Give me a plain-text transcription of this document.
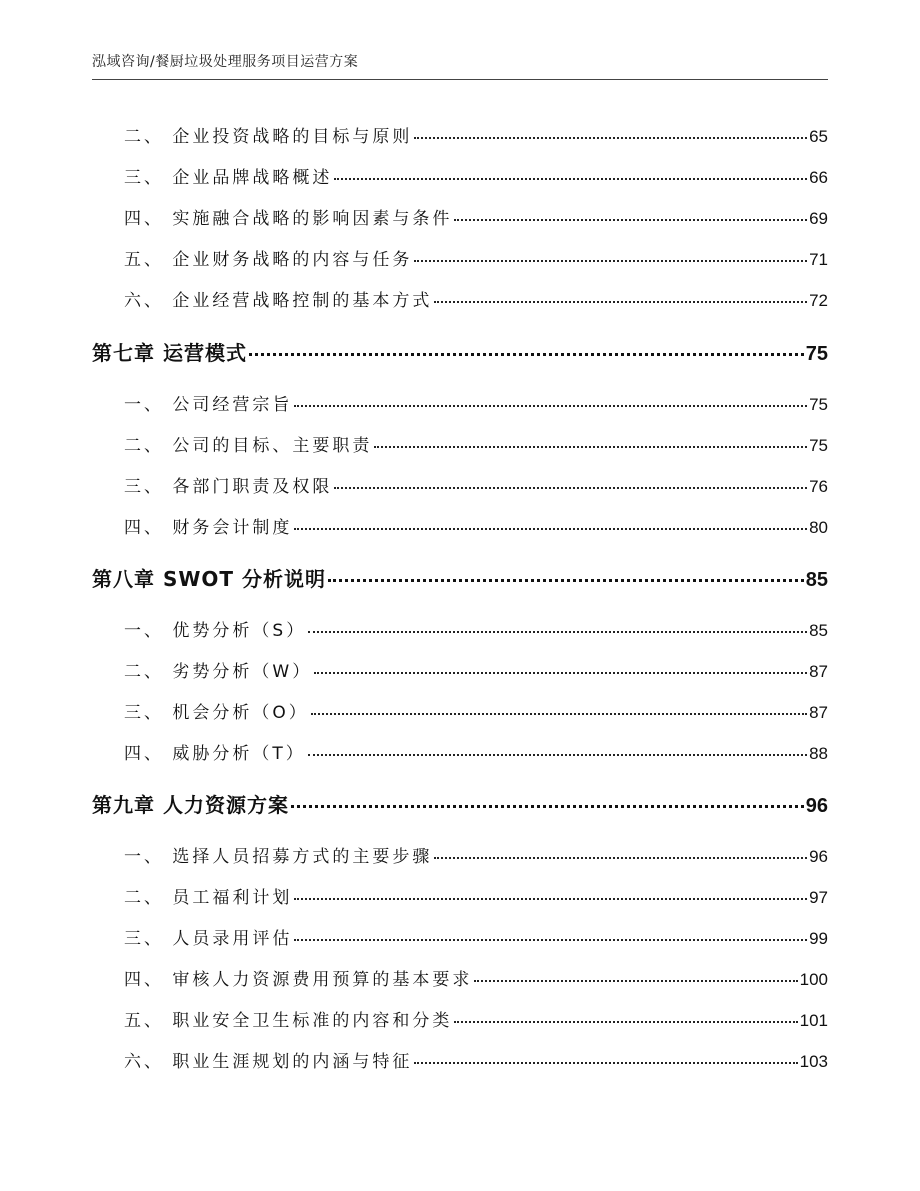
泓域咨询/餐厨垃圾处理服务项目运营方案
二、 企业投资战略的目标与原则	65
三、 企业品牌战略概述	66
四、 实施融合战略的影响因素与条件	69
五、 企业财务战略的内容与任务	71
六、 企业经营战略控制的基本方式	72
第七章 运营模式	75
一、 公司经营宗旨	75
二、 公司的目标、主要职责	75
三、 各部门职责及权限	76
四、 财务会计制度	80
第八章 SWOT 分析说明	85
一、 优势分析（S）	85
二、 劣势分析（W）	87
三、 机会分析（O）	87
四、 威胁分析（T）	88
第九章 人力资源方案	96
一、 选择人员招募方式的主要步骤	96
二、 员工福利计划	97
三、 人员录用评估	99
四、 审核人力资源费用预算的基本要求	100
五、 职业安全卫生标准的内容和分类	101
六、 职业生涯规划的内涵与特征	103
